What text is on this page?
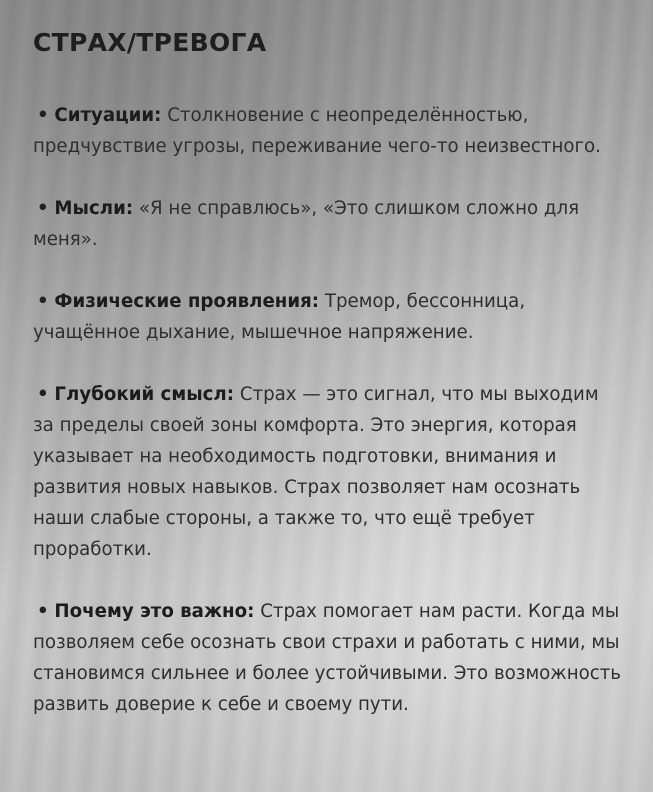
СТРАХ/ТРЕВОГА

• Ситуации: Столкновение с неопределённостью, предчувствие угрозы, переживание чего-то неизвестного.

• Мысли: «Я не справлюсь», «Это слишком сложно для меня».

• Физические проявления: Тремор, бессонница, учащённое дыхание, мышечное напряжение.

• Глубокий смысл: Страх — это сигнал, что мы выходим за пределы своей зоны комфорта. Это энергия, которая указывает на необходимость подготовки, внимания и развития новых навыков. Страх позволяет нам осознать наши слабые стороны, а также то, что ещё требует проработки.

• Почему это важно: Страх помогает нам расти. Когда мы позволяем себе осознать свои страхи и работать с ними, мы становимся сильнее и более устойчивыми. Это возможность развить доверие к себе и своему пути.
